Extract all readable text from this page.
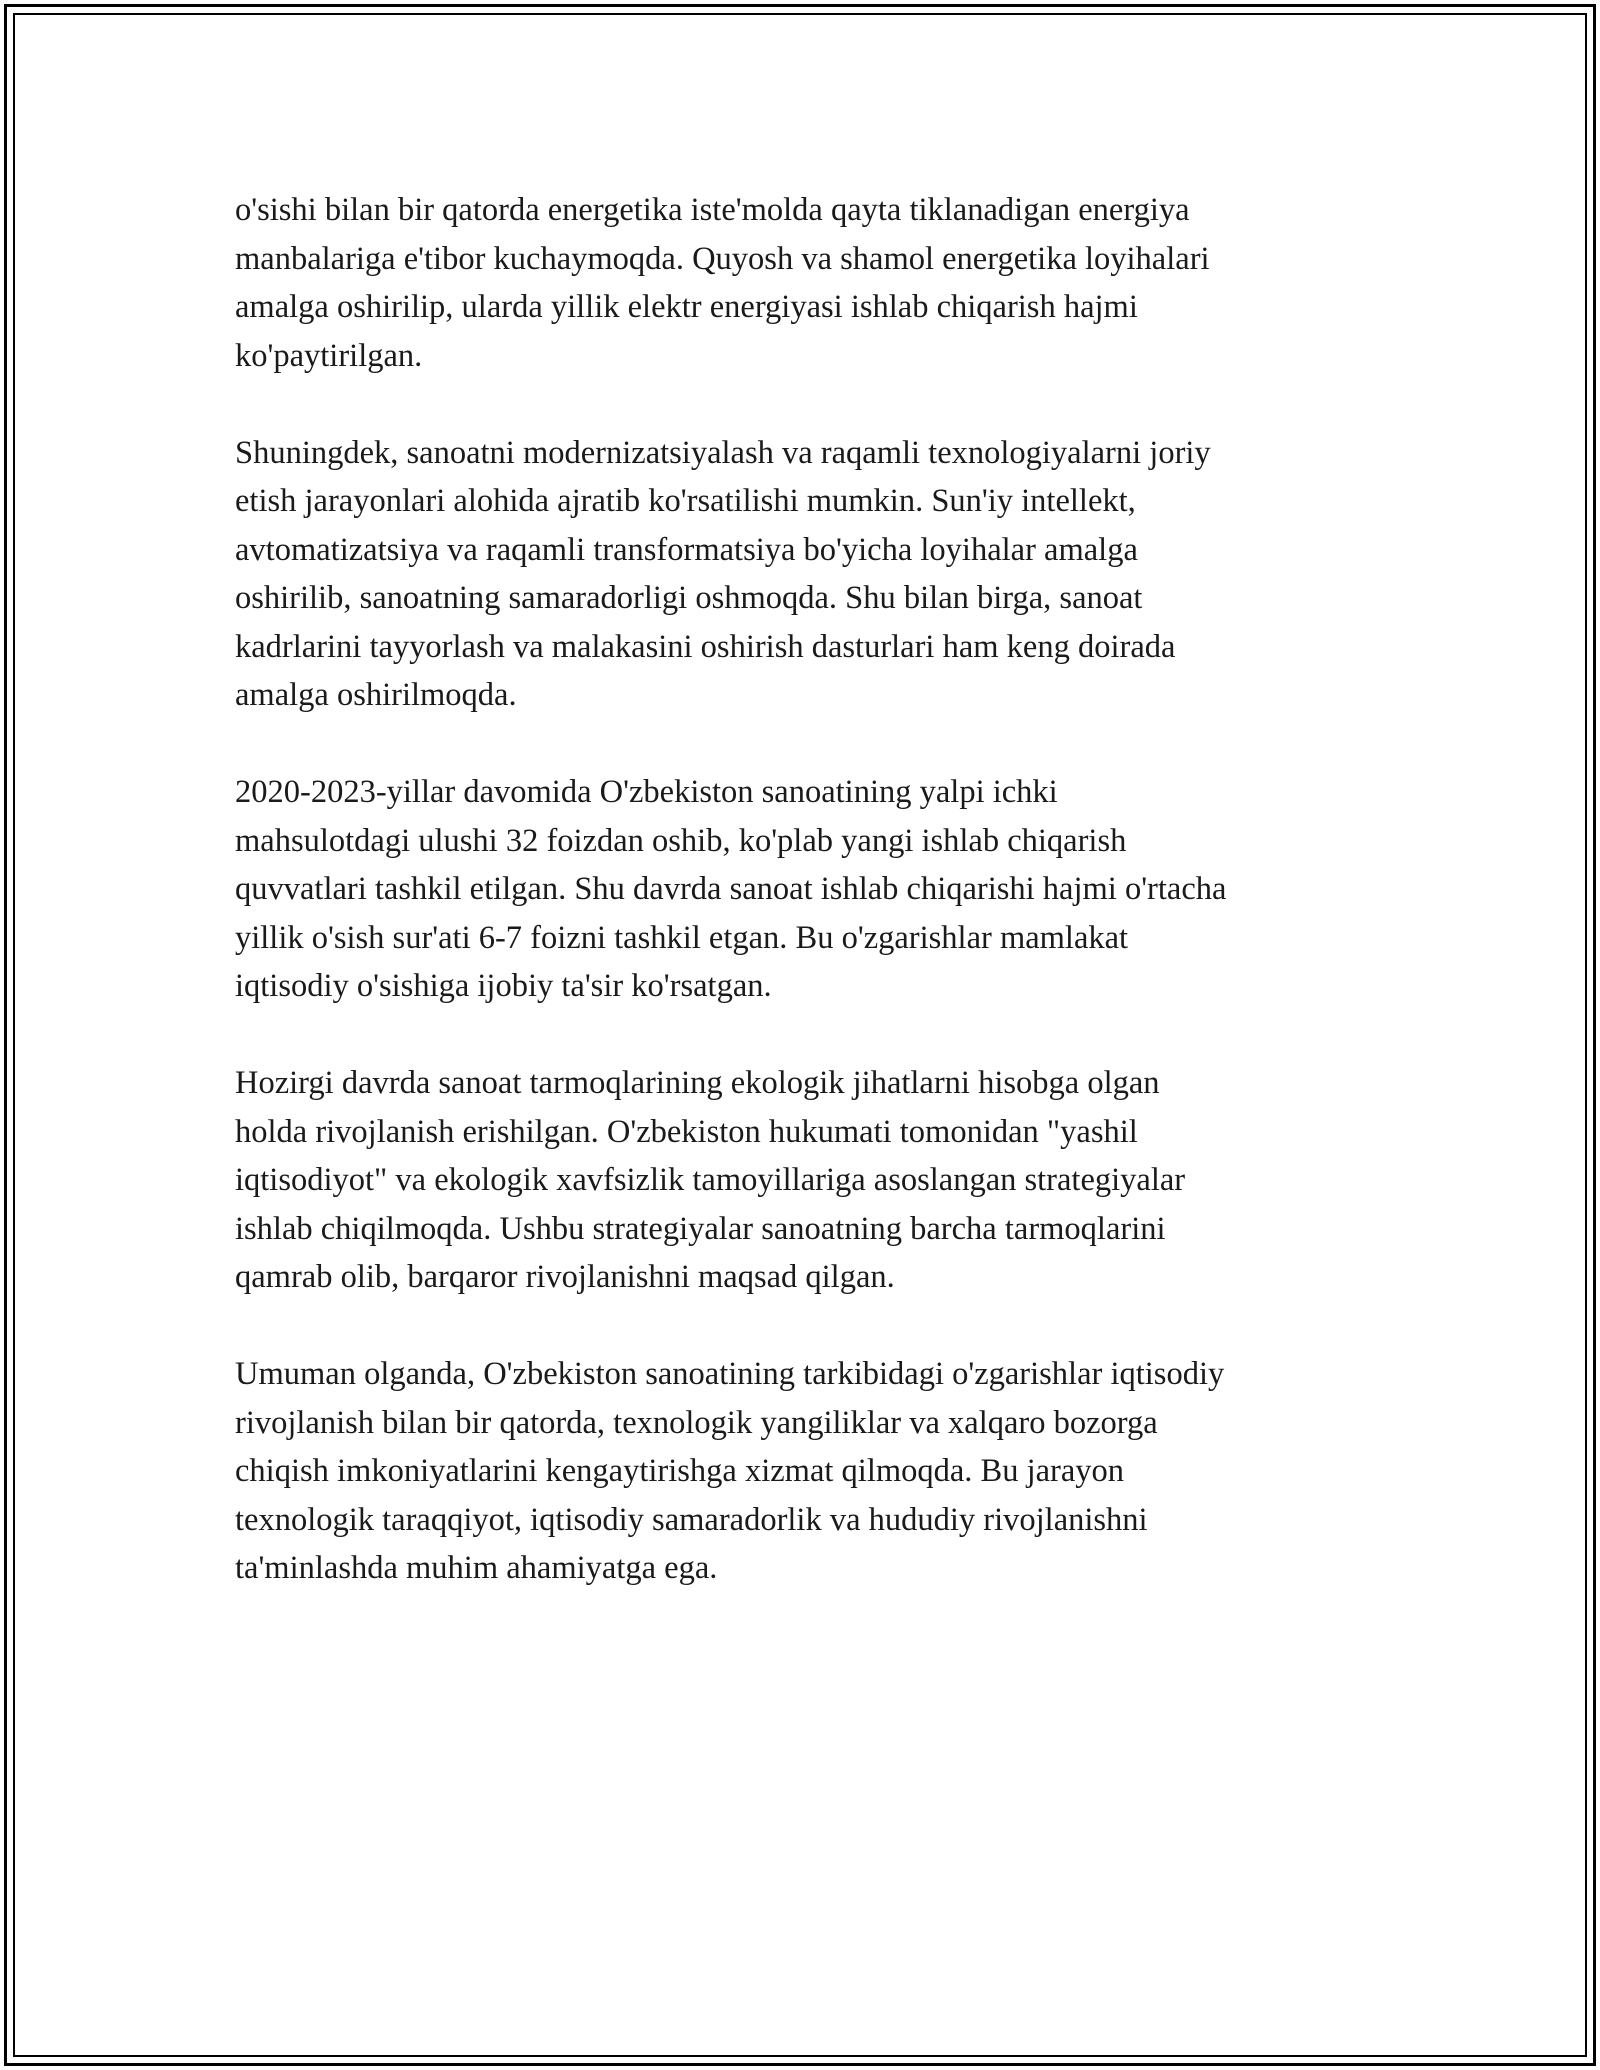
o'sishi bilan bir qatorda energetika iste'molda qayta tiklanadigan energiya
manbalariga e'tibor kuchaymoqda. Quyosh va shamol energetika loyihalari
amalga oshirilip, ularda yillik elektr energiyasi ishlab chiqarish hajmi
ko'paytirilgan.

Shuningdek, sanoatni modernizatsiyalash va raqamli texnologiyalarni joriy
etish jarayonlari alohida ajratib ko'rsatilishi mumkin. Sun'iy intellekt,
avtomatizatsiya va raqamli transformatsiya bo'yicha loyihalar amalga
oshirilib, sanoatning samaradorligi oshmoqda. Shu bilan birga, sanoat
kadrlarini tayyorlash va malakasini oshirish dasturlari ham keng doirada
amalga oshirilmoqda.

2020-2023-yillar davomida O'zbekiston sanoatining yalpi ichki
mahsulotdagi ulushi 32 foizdan oshib, ko'plab yangi ishlab chiqarish
quvvatlari tashkil etilgan. Shu davrda sanoat ishlab chiqarishi hajmi o'rtacha
yillik o'sish sur'ati 6-7 foizni tashkil etgan. Bu o'zgarishlar mamlakat
iqtisodiy o'sishiga ijobiy ta'sir ko'rsatgan.

Hozirgi davrda sanoat tarmoqlarining ekologik jihatlarni hisobga olgan
holda rivojlanish erishilgan. O'zbekiston hukumati tomonidan "yashil
iqtisodiyot" va ekologik xavfsizlik tamoyillariga asoslangan strategiyalar
ishlab chiqilmoqda. Ushbu strategiyalar sanoatning barcha tarmoqlarini
qamrab olib, barqaror rivojlanishni maqsad qilgan.

Umuman olganda, O'zbekiston sanoatining tarkibidagi o'zgarishlar iqtisodiy
rivojlanish bilan bir qatorda, texnologik yangiliklar va xalqaro bozorga
chiqish imkoniyatlarini kengaytirishga xizmat qilmoqda. Bu jarayon
texnologik taraqqiyot, iqtisodiy samaradorlik va hududiy rivojlanishni
ta'minlashda muhim ahamiyatga ega.
